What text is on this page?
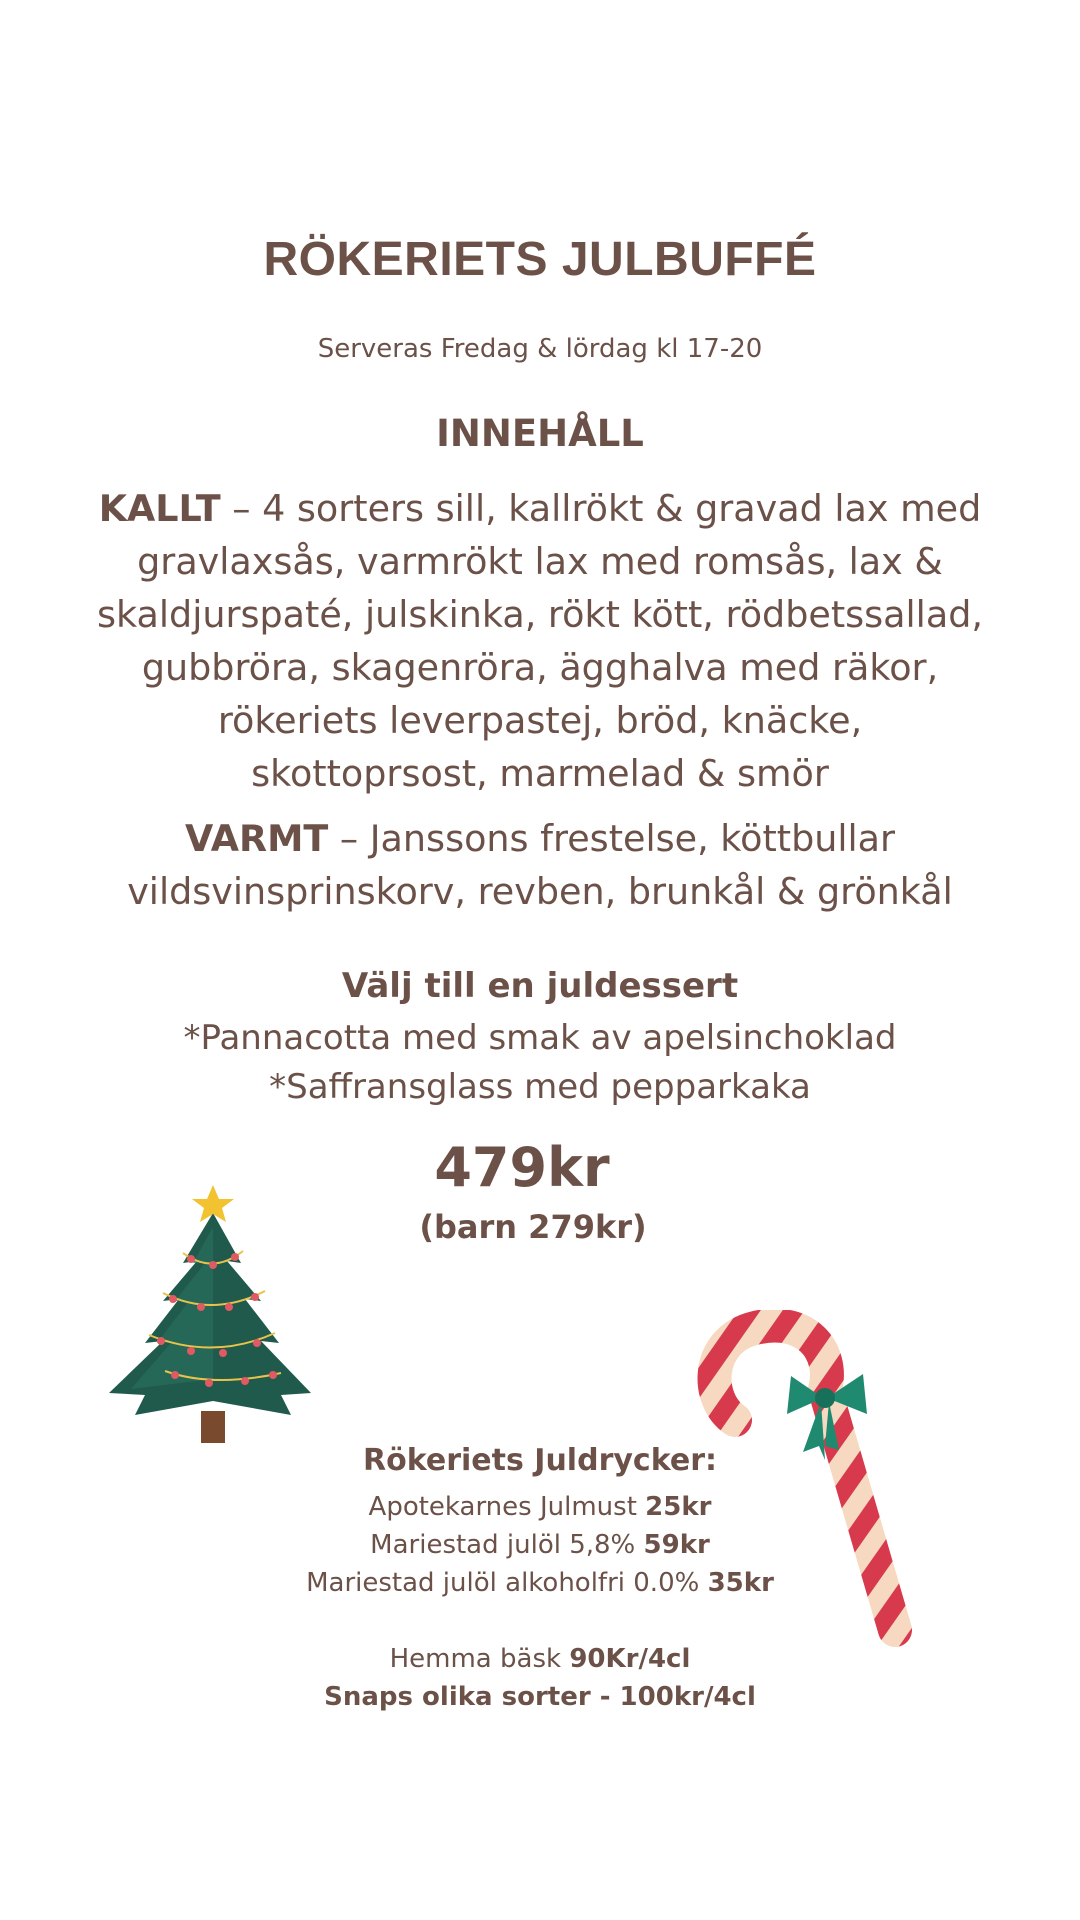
RÖKERIETS JULBUFFÉ
Serveras Fredag & lördag kl 17-20
INNEHÅLL
KALLT – 4 sorters sill, kallrökt & gravad lax med
gravlaxsås, varmrökt lax med romsås, lax &
skaldjurspaté, julskinka, rökt kött, rödbetssallad,
gubbröra, skagenröra, ägghalva med räkor,
rökeriets leverpastej, bröd, knäcke,
skottoprsost, marmelad & smör
VARMT – Janssons frestelse, köttbullar
vildsvinsprinskorv, revben, brunkål & grönkål
Välj till en juldessert
*Pannacotta med smak av apelsinchoklad
*Saffransglass med pepparkaka
479kr
(barn 279kr)
Rökeriets Juldrycker:
Apotekarnes Julmust 25kr
Mariestad julöl 5,8% 59kr
Mariestad julöl alkoholfri 0.0% 35kr
Hemma bäsk 90Kr/4cl
Snaps olika sorter - 100kr/4cl
